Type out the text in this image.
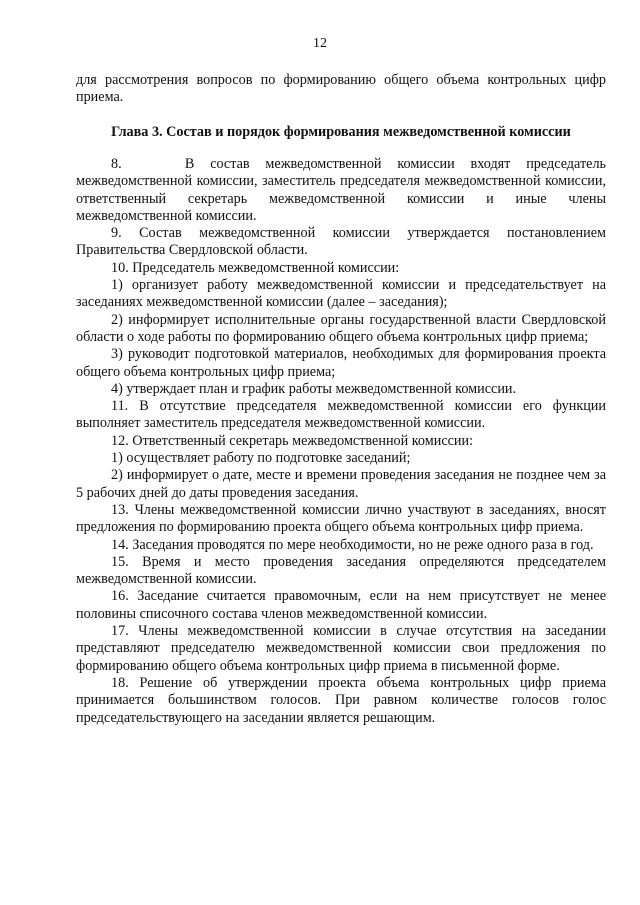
12

для рассмотрения вопросов по формированию общего объема контрольных цифр приема.

Глава 3. Состав и порядок формирования межведомственной комиссии

8.    В состав межведомственной комиссии входят председатель межведомственной комиссии, заместитель председателя межведомственной комиссии, ответственный секретарь межведомственной комиссии и иные члены межведомственной комиссии.

9. Состав межведомственной комиссии утверждается постановлением Правительства Свердловской области.

10. Председатель межведомственной комиссии:

1) организует работу межведомственной комиссии и председательствует на заседаниях межведомственной комиссии (далее – заседания);

2) информирует исполнительные органы государственной власти Свердловской области о ходе работы по формированию общего объема контрольных цифр приема;

3) руководит подготовкой материалов, необходимых для формирования проекта общего объема контрольных цифр приема;

4) утверждает план и график работы межведомственной комиссии.

11. В отсутствие председателя межведомственной комиссии его функции выполняет заместитель председателя межведомственной комиссии.

12. Ответственный секретарь межведомственной комиссии:

1) осуществляет работу по подготовке заседаний;

2) информирует о дате, месте и времени проведения заседания не позднее чем за 5 рабочих дней до даты проведения заседания.

13. Члены межведомственной комиссии лично участвуют в заседаниях, вносят предложения по формированию проекта общего объема контрольных цифр приема.

14. Заседания проводятся по мере необходимости, но не реже одного раза в год.

15. Время и место проведения заседания определяются председателем межведомственной комиссии.

16. Заседание считается правомочным, если на нем присутствует не менее половины списочного состава членов межведомственной комиссии.

17. Члены межведомственной комиссии в случае отсутствия на заседании представляют председателю межведомственной комиссии свои предложения по формированию общего объема контрольных цифр приема в письменной форме.

18. Решение об утверждении проекта объема контрольных цифр приема принимается большинством голосов. При равном количестве голосов голос председательствующего на заседании является решающим.
